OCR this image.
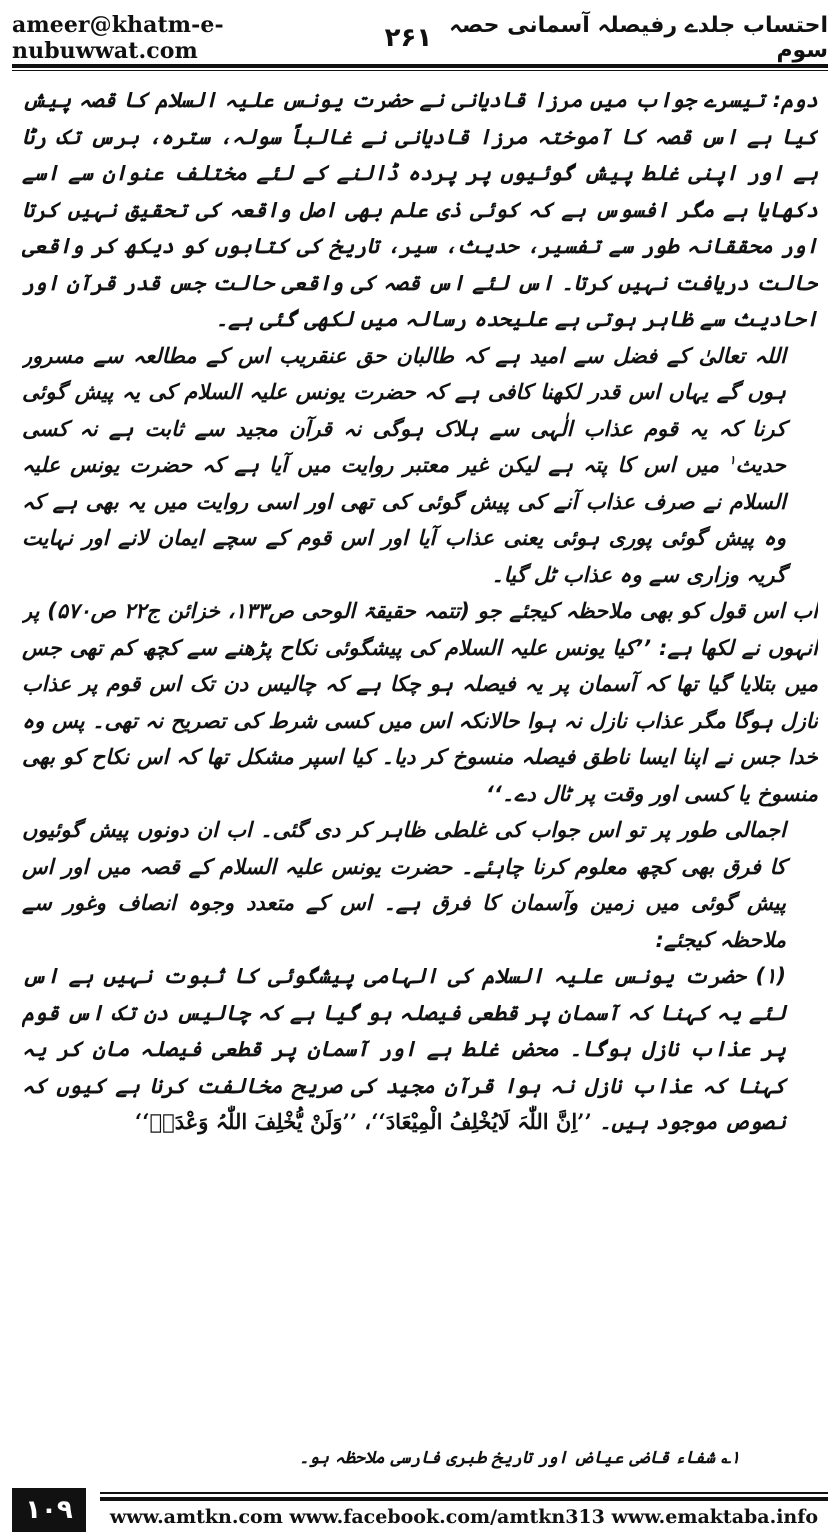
ameer@khatm-e-nubuwwat.com	۲۶۱ احتساب جلدے رفیصلہ آسمانی حصہ سوم

دوم: تیسرے جواب میں مرزا قادیانی نے حضرت یونس علیہ السلام کا قصہ پیش کیا ہے اس قصہ کا آموختہ مرزا قادیانی نے غالباً سولہ، سترہ، برس تک رٹا ہے اور اپنی غلط پیش گوئیوں پر پردہ ڈالنے کے لئے مختلف عنوان سے اسے دکھایا ہے مگر افسوس ہے کہ کوئی ذی علم بھی اصل واقعہ کی تحقیق نہیں کرتا اور محققانہ طور سے تفسیر، حدیث، سیر، تاریخ کی کتابوں کو دیکھ کر واقعی حالت دریافت نہیں کرتا۔ اس لئے اس قصہ کی واقعی حالت جس قدر قرآن اور احادیث سے ظاہر ہوتی ہے علیحدہ رسالہ میں لکھی گئی ہے۔

اللہ تعالیٰ کے فضل سے امید ہے کہ طالبان حق عنقریب اس کے مطالعہ سے مسرور ہوں گے یہاں اس قدر لکھنا کافی ہے کہ حضرت یونس علیہ السلام کی یہ پیش گوئی کرنا کہ یہ قوم عذاب الٰہی سے ہلاک ہوگی نہ قرآن مجید سے ثابت ہے نہ کسی حدیث$^۱$ میں اس کا پتہ ہے لیکن غیر معتبر روایت میں آیا ہے کہ حضرت یونس علیہ السلام نے صرف عذاب آنے کی پیش گوئی کی تھی اور اسی روایت میں یہ بھی ہے کہ وہ پیش گوئی پوری ہوئی یعنی عذاب آیا اور اس قوم کے سچے ایمان لانے اور نہایت گریہ وزاری سے وہ عذاب ٹل گیا۔

اب اس قول کو بھی ملاحظہ کیجئے جو (تتمہ حقیقۃ الوحی ص۱۳۳، خزائن ج۲۲ ص۵۷۰) پر انہوں نے لکھا ہے: ’’کیا یونس علیہ السلام کی پیشگوئی نکاح پڑھنے سے کچھ کم تھی جس میں بتلایا گیا تھا کہ آسمان پر یہ فیصلہ ہو چکا ہے کہ چالیس دن تک اس قوم پر عذاب نازل ہوگا مگر عذاب نازل نہ ہوا حالانکہ اس میں کسی شرط کی تصریح نہ تھی۔ پس وہ خدا جس نے اپنا ایسا ناطق فیصلہ منسوخ کر دیا۔ کیا اسپر مشکل تھا کہ اس نکاح کو بھی منسوخ یا کسی اور وقت پر ٹال دے۔‘‘

اجمالی طور پر تو اس جواب کی غلطی ظاہر کر دی گئی۔ اب ان دونوں پیش گوئیوں کا فرق بھی کچھ معلوم کرنا چاہئے۔ حضرت یونس علیہ السلام کے قصہ میں اور اس پیش گوئی میں زمین وآسمان کا فرق ہے۔ اس کے متعدد وجوہ انصاف وغور سے ملاحظہ کیجئے:

(۱) حضرت یونس علیہ السلام کی الہامی پیشگوئی کا ثبوت نہیں ہے اس لئے یہ کہنا کہ آسمان پر قطعی فیصلہ ہو گیا ہے کہ چالیس دن تک اس قوم پر عذاب نازل ہوگا۔ محض غلط ہے اور آسمان پر قطعی فیصلہ مان کر یہ کہنا کہ عذاب نازل نہ ہوا قرآن مجید کی صریح مخالفت کرنا ہے کیوں کہ نصوص موجود ہیں۔ ’’اِنَّ اللّٰہَ لَایُخْلِفُ الْمِیْعَادَ‘‘، ’’وَلَنْ یُّخْلِفَ اللّٰہُ وَعْدَہٗ‘‘

۱؎ شفاء قاضی عیاض اور تاریخ طبری فارسی ملاحظہ ہو۔
۱۰۹	www.amtkn.com www.facebook.com/amtkn313 www.emaktaba.info
